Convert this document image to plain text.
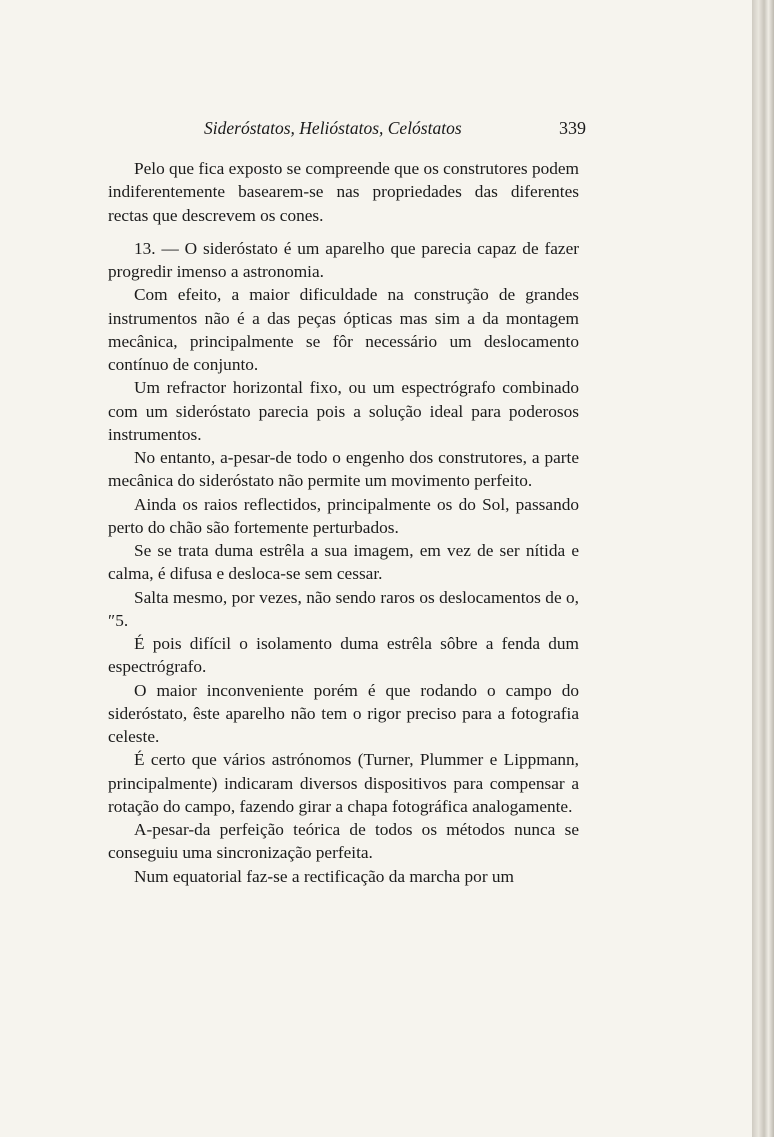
Sideróstatos, Helióstatos, Celóstatos	339

Pelo que fica exposto se compreende que os construtores podem indiferentemente basearem-se nas propriedades das diferentes rectas que descrevem os cones.

13. — O sideróstato é um aparelho que parecia capaz de fazer progredir imenso a astronomia.

Com efeito, a maior dificuldade na construção de grandes instrumentos não é a das peças ópticas mas sim a da montagem mecânica, principalmente se fôr necessário um deslocamento contínuo de conjunto.

Um refractor horizontal fixo, ou um espectrógrafo combinado com um sideróstato parecia pois a solução ideal para poderosos instrumentos.

No entanto, a-pesar-de todo o engenho dos construtores, a parte mecânica do sideróstato não permite um movimento perfeito.

Ainda os raios reflectidos, principalmente os do Sol, passando perto do chão são fortemente perturbados.

Se se trata duma estrêla a sua imagem, em vez de ser nítida e calma, é difusa e desloca-se sem cessar.

Salta mesmo, por vezes, não sendo raros os deslocamentos de o,″5.

É pois difícil o isolamento duma estrêla sôbre a fenda dum espectrógrafo.

O maior inconveniente porém é que rodando o campo do sideróstato, êste aparelho não tem o rigor preciso para a fotografia celeste.

É certo que vários astrónomos (Turner, Plummer e Lippmann, principalmente) indicaram diversos dispositivos para compensar a rotação do campo, fazendo girar a chapa fotográfica analogamente.

A-pesar-da perfeição teórica de todos os métodos nunca se conseguiu uma sincronização perfeita.

Num equatorial faz-se a rectificação da marcha por um
